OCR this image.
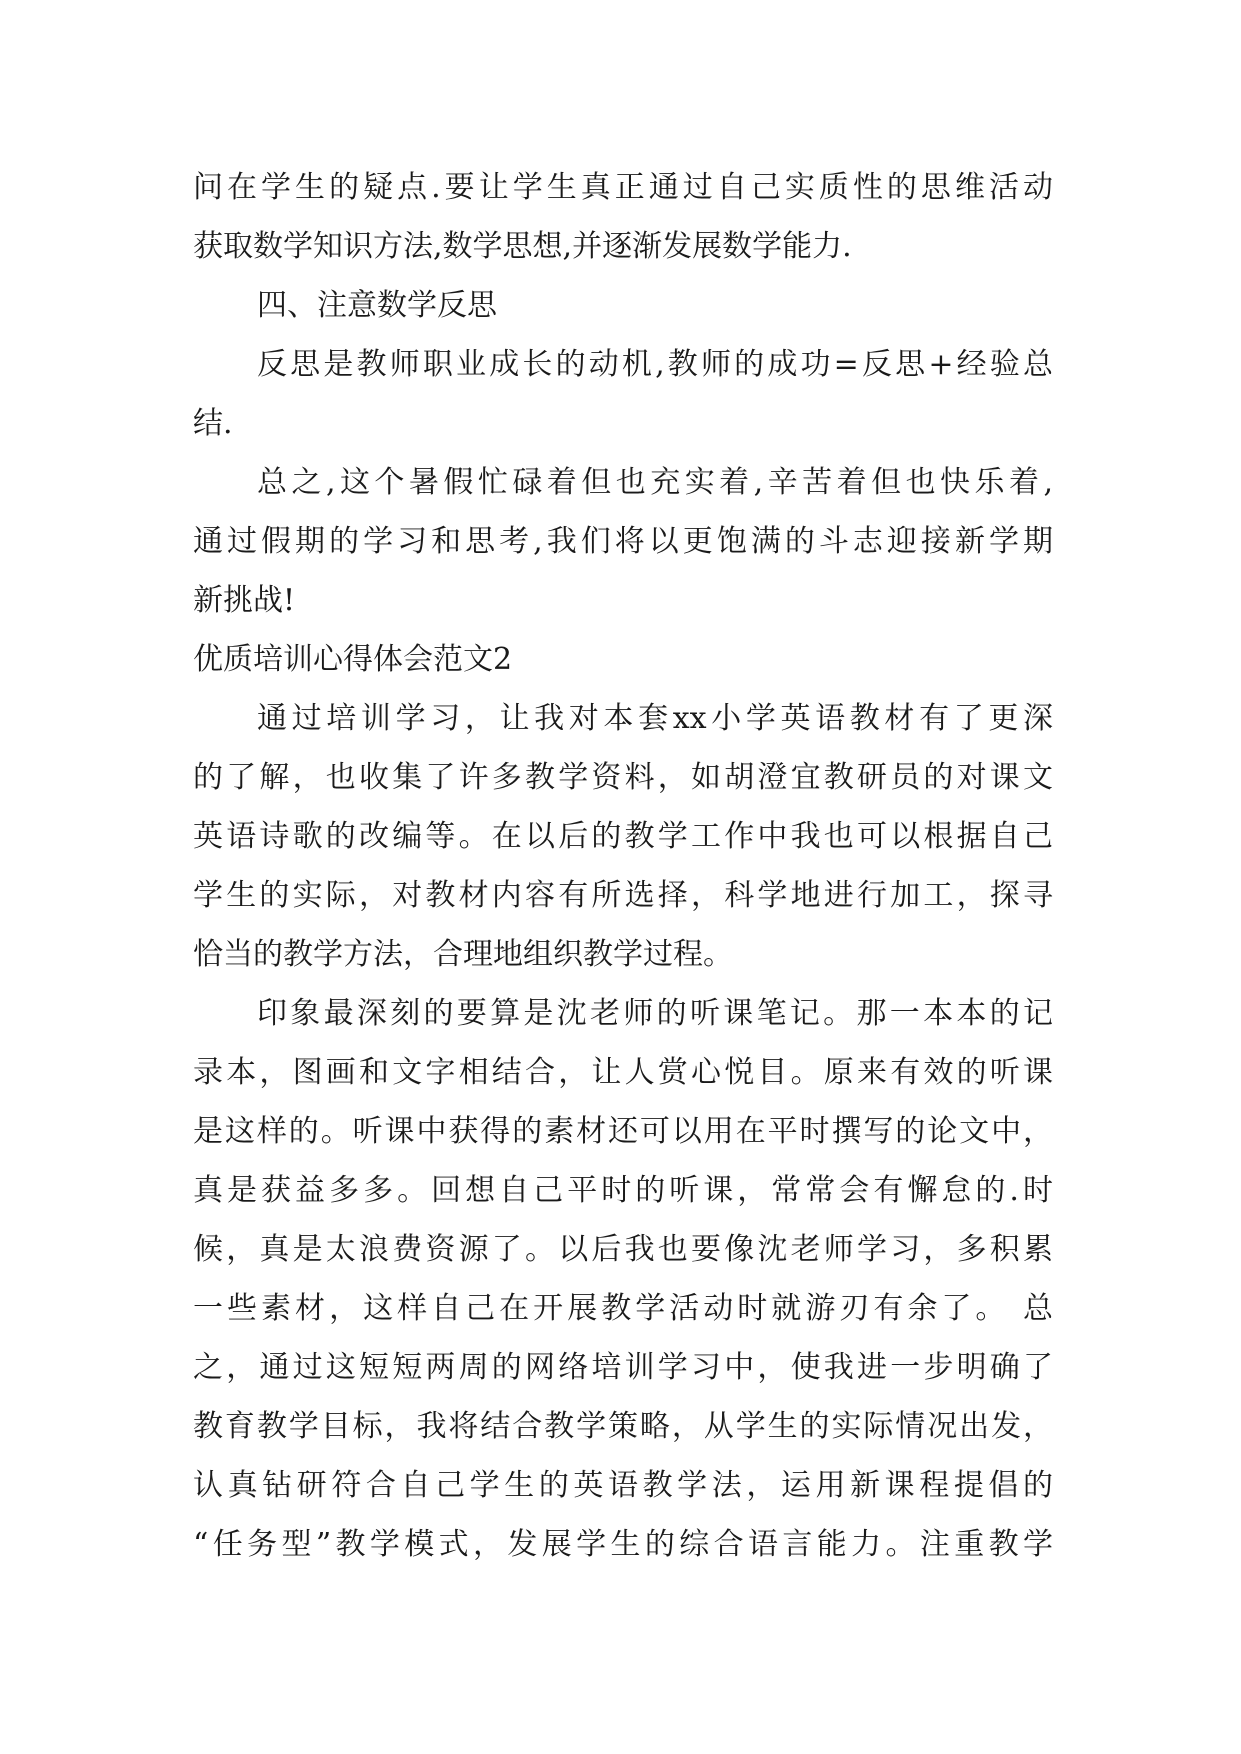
问在学生的疑点.要让学生真正通过自己实质性的思维活动
获取数学知识方法,数学思想,并逐渐发展数学能力.
四、注意数学反思
反思是教师职业成长的动机,教师的成功=反思+经验总
结.
总之,这个暑假忙碌着但也充实着,辛苦着但也快乐着,
通过假期的学习和思考,我们将以更饱满的斗志迎接新学期
新挑战!
优质培训心得体会范文2
通过培训学习，让我对本套xx小学英语教材有了更深
的了解，也收集了许多教学资料，如胡澄宜教研员的对课文
英语诗歌的改编等。在以后的教学工作中我也可以根据自己
学生的实际，对教材内容有所选择，科学地进行加工，探寻
恰当的教学方法，合理地组织教学过程。
印象最深刻的要算是沈老师的听课笔记。那一本本的记
录本，图画和文字相结合，让人赏心悦目。原来有效的听课
是这样的。听课中获得的素材还可以用在平时撰写的论文中，
真是获益多多。回想自己平时的听课，常常会有懈怠的.时
候，真是太浪费资源了。以后我也要像沈老师学习，多积累
一些素材，这样自己在开展教学活动时就游刃有余了。 总
之，通过这短短两周的网络培训学习中，使我进一步明确了
教育教学目标，我将结合教学策略，从学生的实际情况出发，
认真钻研符合自己学生的英语教学法，运用新课程提倡的
“任务型”教学模式，发展学生的综合语言能力。注重教学
